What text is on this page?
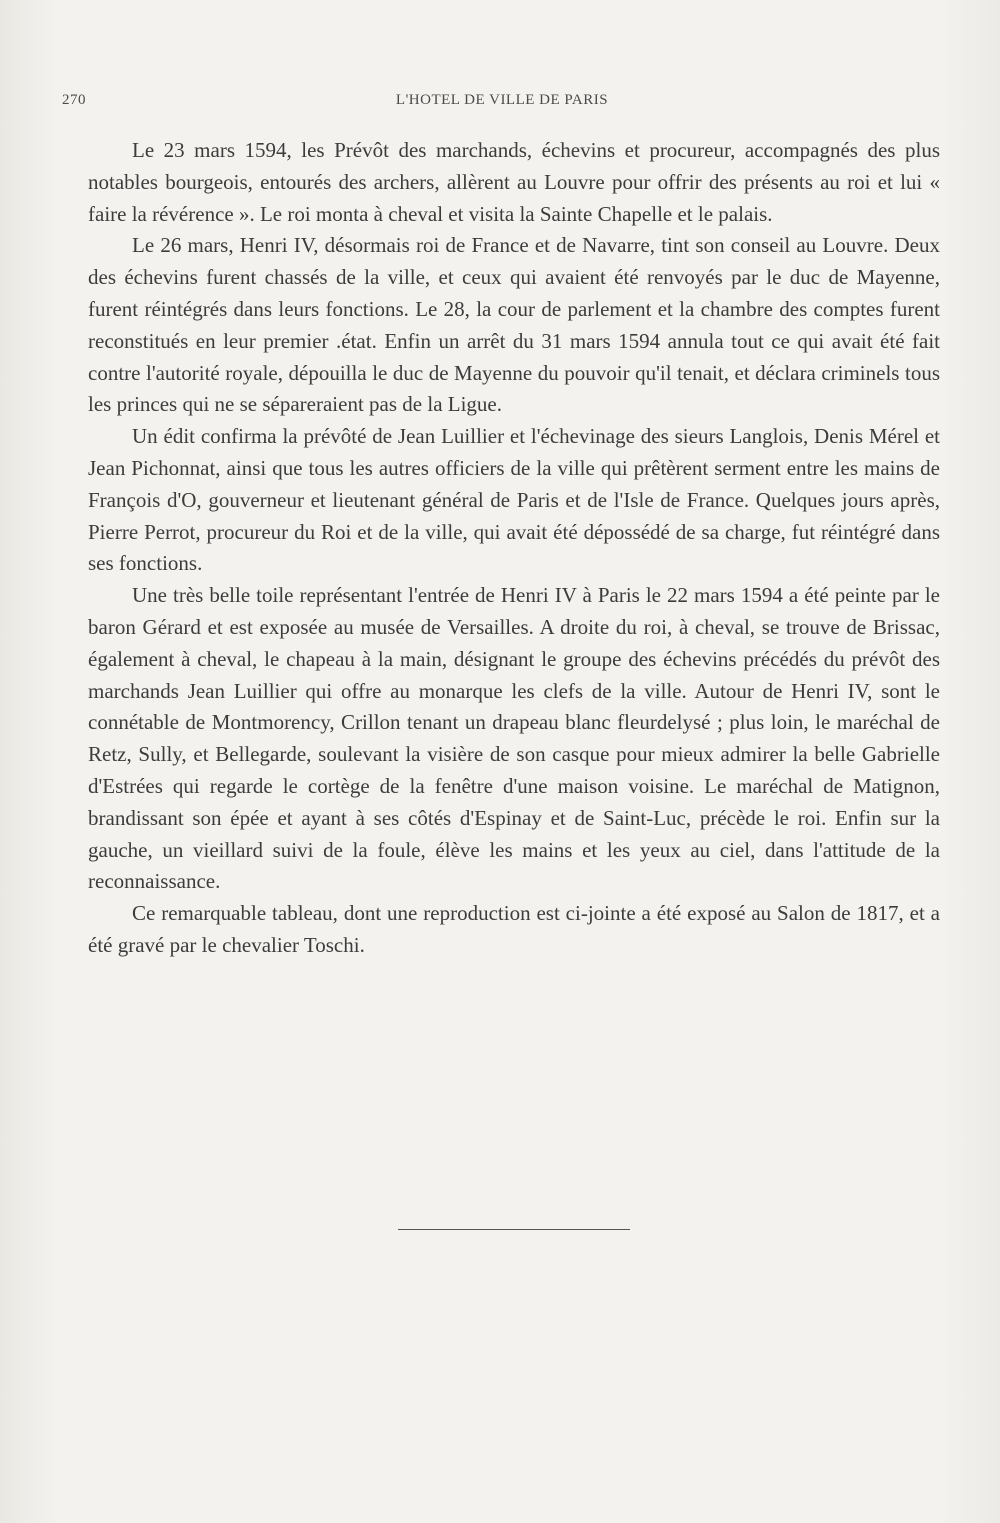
270	L'HOTEL DE VILLE DE PARIS

Le 23 mars 1594, les Prévôt des marchands, échevins et procureur, accompagnés des plus notables bourgeois, entourés des archers, allèrent au Louvre pour offrir des présents au roi et lui « faire la révérence ». Le roi monta à cheval et visita la Sainte Chapelle et le palais.

Le 26 mars, Henri IV, désormais roi de France et de Navarre, tint son conseil au Louvre. Deux des échevins furent chassés de la ville, et ceux qui avaient été renvoyés par le duc de Mayenne, furent réintégrés dans leurs fonctions. Le 28, la cour de parlement et la chambre des comptes furent reconstitués en leur premier .état. Enfin un arrêt du 31 mars 1594 annula tout ce qui avait été fait contre l'autorité royale, dépouilla le duc de Mayenne du pouvoir qu'il tenait, et déclara criminels tous les princes qui ne se sépareraient pas de la Ligue.

Un édit confirma la prévôté de Jean Luillier et l'échevinage des sieurs Langlois, Denis Mérel et Jean Pichonnat, ainsi que tous les autres officiers de la ville qui prêtèrent serment entre les mains de François d'O, gouverneur et lieutenant général de Paris et de l'Isle de France. Quelques jours après, Pierre Perrot, procureur du Roi et de la ville, qui avait été dépossédé de sa charge, fut réintégré dans ses fonctions.

Une très belle toile représentant l'entrée de Henri IV à Paris le 22 mars 1594 a été peinte par le baron Gérard et est exposée au musée de Versailles. A droite du roi, à cheval, se trouve de Brissac, également à cheval, le chapeau à la main, désignant le groupe des échevins précédés du prévôt des marchands Jean Luillier qui offre au monarque les clefs de la ville. Autour de Henri IV, sont le connétable de Montmorency, Crillon tenant un drapeau blanc fleurdelysé ; plus loin, le maréchal de Retz, Sully, et Bellegarde, soulevant la visière de son casque pour mieux admirer la belle Gabrielle d'Estrées qui regarde le cortège de la fenêtre d'une maison voisine. Le maréchal de Matignon, brandissant son épée et ayant à ses côtés d'Espinay et de Saint-Luc, précède le roi. Enfin sur la gauche, un vieillard suivi de la foule, élève les mains et les yeux au ciel, dans l'attitude de la reconnaissance.

Ce remarquable tableau, dont une reproduction est ci-jointe a été exposé au Salon de 1817, et a été gravé par le chevalier Toschi.
